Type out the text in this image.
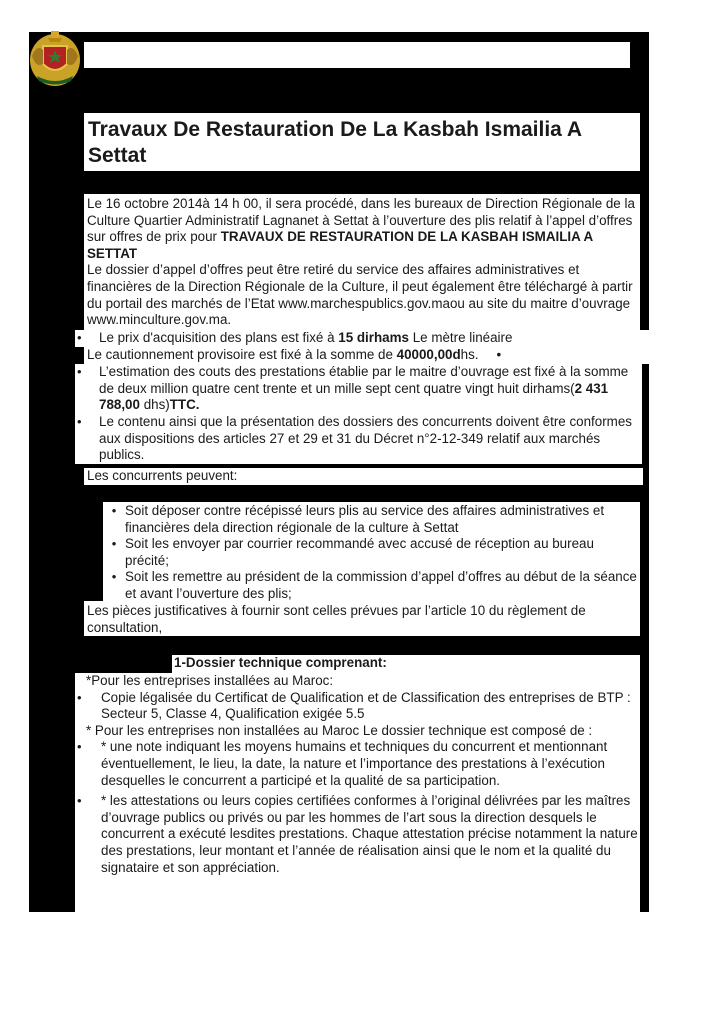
Travaux De Restauration De La Kasbah Ismailia A Settat

Le 16 octobre 2014à 14 h 00, il sera procédé, dans les bureaux de Direction Régionale de la Culture Quartier Administratif Lagnanet à Settat à l’ouverture des plis relatif à l’appel d’offres sur offres de prix pour TRAVAUX DE RESTAURATION DE LA KASBAH ISMAILIA A SETTAT

Le dossier d’appel d’offres peut être retiré du service des affaires administratives et financières de la Direction Régionale de la Culture, il peut également être téléchargé à partir du portail des marchés de l’Etat www.marchespublics.gov.maou au site du maitre d’ouvrage www.minculture.gov.ma.

•	Le prix d'acquisition des plans est fixé à 15 dirhams Le mètre linéaire

Le cautionnement provisoire est fixé à la somme de 40000,00dhs. •

•	L’estimation des couts des prestations établie par le maitre d’ouvrage est fixé à la somme de deux million quatre cent trente et un mille sept cent quatre vingt huit dirhams(2 431 788,00 dhs)TTC.

•	Le contenu ainsi que la présentation des dossiers des concurrents doivent être conformes aux dispositions des articles 27 et 29 et 31 du Décret n°2-12-349 relatif aux marchés publics.

Les concurrents peuvent:

• Soit déposer contre récépissé leurs plis au service des affaires administratives et financières dela direction régionale de la culture à Settat

• Soit les envoyer par courrier recommandé avec accusé de réception au bureau précité;

• Soit les remettre au président de la commission d’appel d’offres au début de la séance et avant l’ouverture des plis;

Les pièces justificatives à fournir sont celles prévues par l’article 10 du règlement de consultation,

1-Dossier technique comprenant:

*Pour les entreprises installées au Maroc:

•	Copie légalisée du Certificat de Qualification et de Classification des entreprises de BTP : Secteur 5, Classe 4, Qualification exigée 5.5

* Pour les entreprises non installées au Maroc Le dossier technique est composé de :

•	* une note indiquant les moyens humains et techniques du concurrent et mentionnant éventuellement, le lieu, la date, la nature et l’importance des prestations à l’exécution desquelles le concurrent a participé et la qualité de sa participation.

•	* les attestations ou leurs copies certifiées conformes à l’original délivrées par les maîtres d’ouvrage publics ou privés ou par les hommes de l’art sous la direction desquels le concurrent a exécuté lesdites prestations. Chaque attestation précise notamment la nature des prestations, leur montant et l’année de réalisation ainsi que le nom et la qualité du signataire et son appréciation.
